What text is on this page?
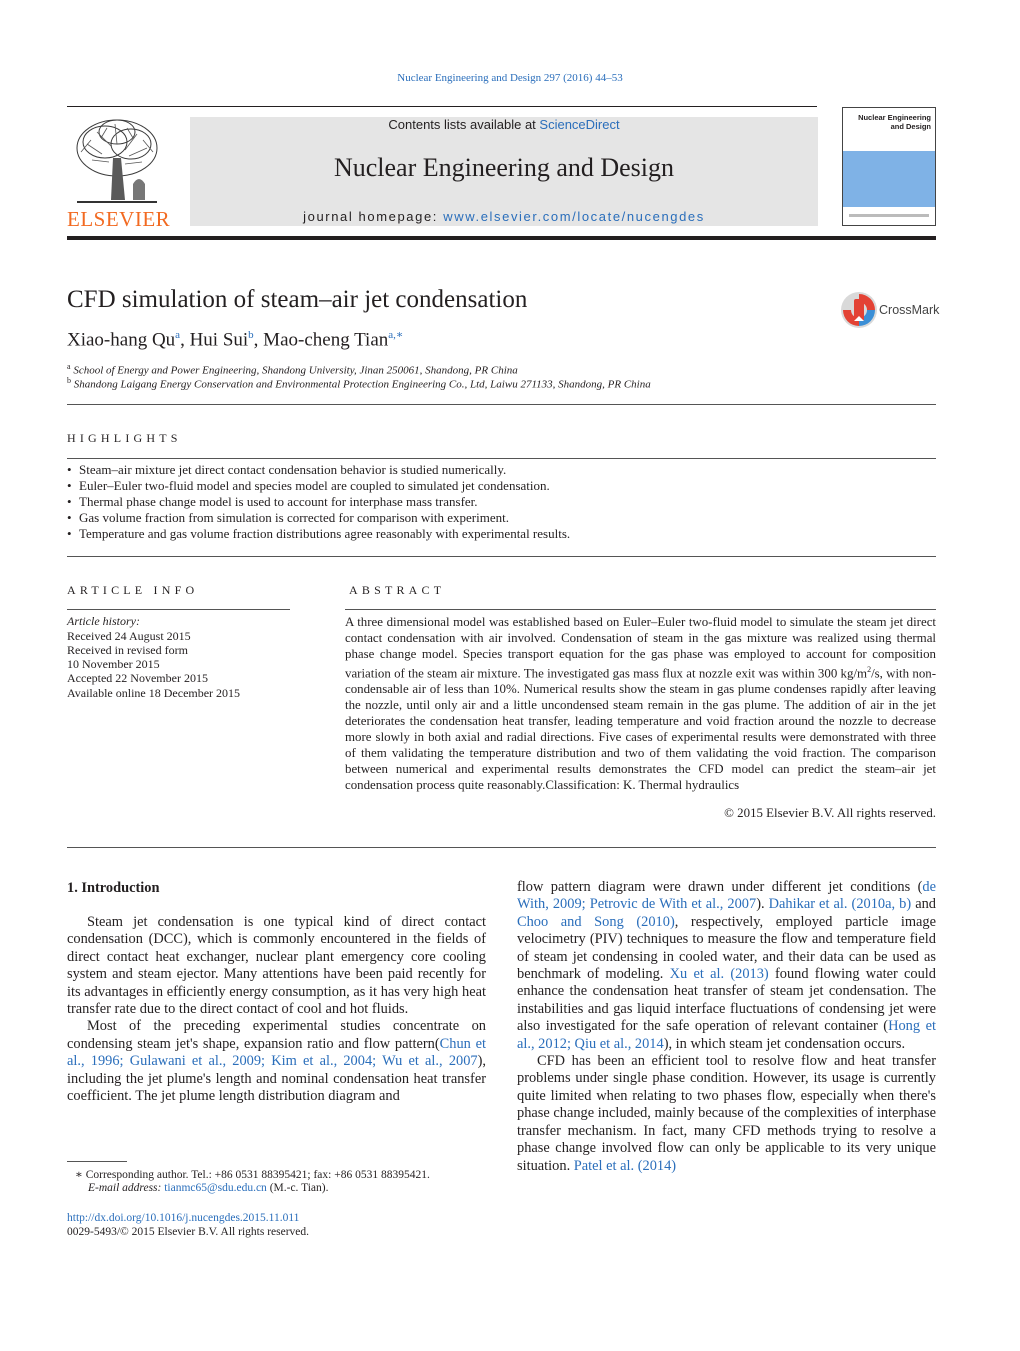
Nuclear Engineering and Design 297 (2016) 44–53
ELSEVIER
Contents lists available at ScienceDirect
Nuclear Engineering and Design
journal homepage: www.elsevier.com/locate/nucengdes
Nuclear Engineering and Design
CFD simulation of steam–air jet condensation
Xiao-hang Qu$^a$, Hui Sui$^b$, Mao-cheng Tian$^{a,∗}$
CrossMark
$^a$ School of Energy and Power Engineering, Shandong University, Jinan 250061, Shandong, PR China
$^b$ Shandong Laigang Energy Conservation and Environmental Protection Engineering Co., Ltd, Laiwu 271133, Shandong, PR China
HIGHLIGHTS
• Steam–air mixture jet direct contact condensation behavior is studied numerically.
• Euler–Euler two-fluid model and species model are coupled to simulated jet condensation.
• Thermal phase change model is used to account for interphase mass transfer.
• Gas volume fraction from simulation is corrected for comparison with experiment.
• Temperature and gas volume fraction distributions agree reasonably with experimental results.
ARTICLE INFO
Article history:
Received 24 August 2015
Received in revised form
10 November 2015
Accepted 22 November 2015
Available online 18 December 2015
ABSTRACT
A three dimensional model was established based on Euler–Euler two-fluid model to simulate the steam jet direct contact condensation with air involved. Condensation of steam in the gas mixture was realized using thermal phase change model. Species transport equation for the gas phase was employed to account for composition variation of the steam air mixture. The investigated gas mass flux at nozzle exit was within 300 $kg/m^2/s$, with non-condensable air of less than 10%. Numerical results show the steam in gas plume condenses rapidly after leaving the nozzle, until only air and a little uncondensed steam remain in the gas plume. The addition of air in the jet deteriorates the condensation heat transfer, leading temperature and void fraction around the nozzle to decrease more slowly in both axial and radial directions. Five cases of experimental results were demonstrated with three of them validating the temperature distribution and two of them validating the void fraction. The comparison between numerical and experimental results demonstrates the CFD model can predict the steam–air jet condensation process quite reasonably.Classification: K. Thermal hydraulics
© 2015 Elsevier B.V. All rights reserved.
1. Introduction

Steam jet condensation is one typical kind of direct contact condensation (DCC), which is commonly encountered in the fields of direct contact heat exchanger, nuclear plant emergency core cooling system and steam ejector. Many attentions have been paid recently for its advantages in efficiently energy consumption, as it has very high heat transfer rate due to the direct contact of cool and hot fluids.

Most of the preceding experimental studies concentrate on condensing steam jet's shape, expansion ratio and flow pattern(Chun et al., 1996; Gulawani et al., 2009; Kim et al., 2004; Wu et al., 2007), including the jet plume's length and nominal condensation heat transfer coefficient. The jet plume length distribution diagram and

flow pattern diagram were drawn under different jet conditions (de With, 2009; Petrovic de With et al., 2007). Dahikar et al. (2010a, b) and Choo and Song (2010), respectively, employed particle image velocimetry (PIV) techniques to measure the flow and temperature field of steam jet condensing in cooled water, and their data can be used as benchmark of modeling. Xu et al. (2013) found flowing water could enhance the condensation heat transfer of steam jet condensation. The instabilities and gas liquid interface fluctuations of condensing jet were also investigated for the safe operation of relevant container (Hong et al., 2012; Qiu et al., 2014), in which steam jet condensation occurs.

CFD has been an efficient tool to resolve flow and heat transfer problems under single phase condition. However, its usage is currently quite limited when relating to two phases flow, especially when there's phase change included, mainly because of the complexities of interphase transfer mechanism. In fact, many CFD methods trying to resolve a phase change involved flow can only be applicable to its very unique situation. Patel et al. (2014)

∗ Corresponding author. Tel.: +86 0531 88395421; fax: +86 0531 88395421.
E-mail address: tianmc65@sdu.edu.cn (M.-c. Tian).
http://dx.doi.org/10.1016/j.nucengdes.2015.11.011
0029-5493/© 2015 Elsevier B.V. All rights reserved.
